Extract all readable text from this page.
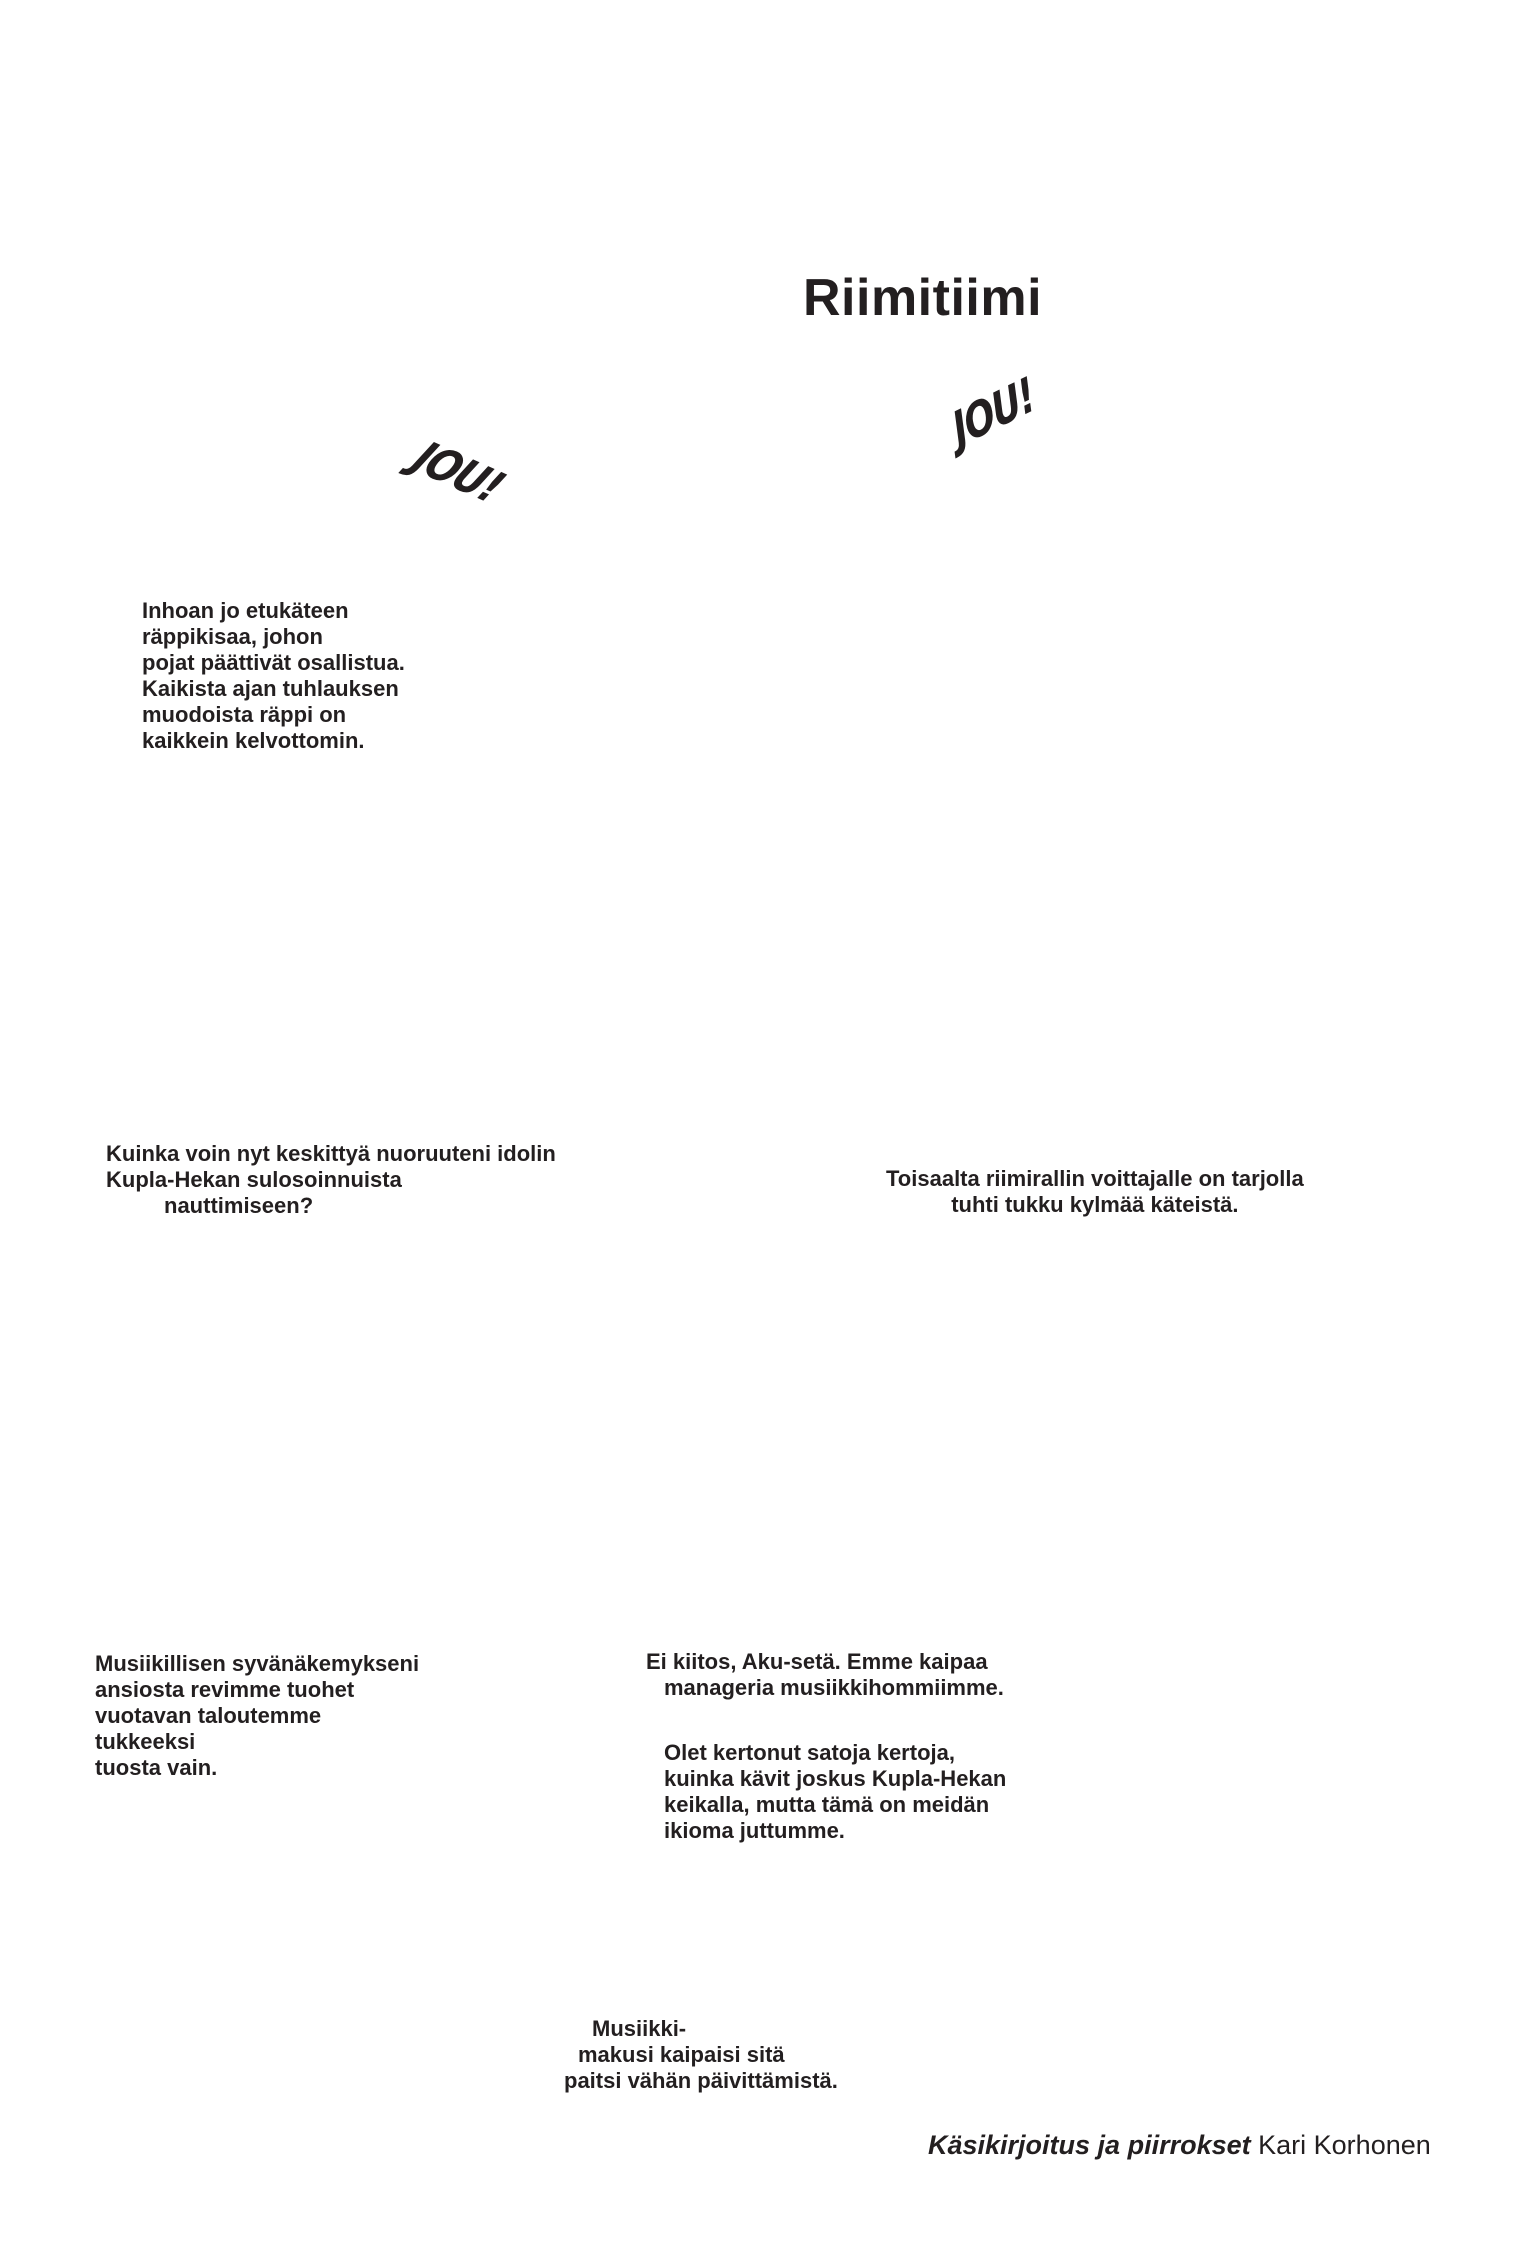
Riimitiimi
JOU!
JOU!
Inhoan jo etukäteen
räppikisaa, johon
pojat päättivät osallistua.
Kaikista ajan tuhlauksen
muodoista räppi on
kaikkein kelvottomin.
Kuinka voin nyt keskittyä nuoruuteni idolin
Kupla-Hekan sulosoinnuista
nauttimiseen?
Toisaalta riimirallin voittajalle on tarjolla
tuhti tukku kylmää käteistä.
Musiikillisen syvänäkemykseni
ansiosta revimme tuohet
vuotavan taloutemme
tukkeeksi
tuosta vain.
Ei kiitos, Aku-setä. Emme kaipaa
manageria musiikkihommiimme.
Olet kertonut satoja kertoja,
kuinka kävit joskus Kupla-Hekan
keikalla, mutta tämä on meidän
ikioma juttumme.
Musiikki-
makusi kaipaisi sitä
paitsi vähän päivittämistä.
Käsikirjoitus ja piirrokset Kari Korhonen
